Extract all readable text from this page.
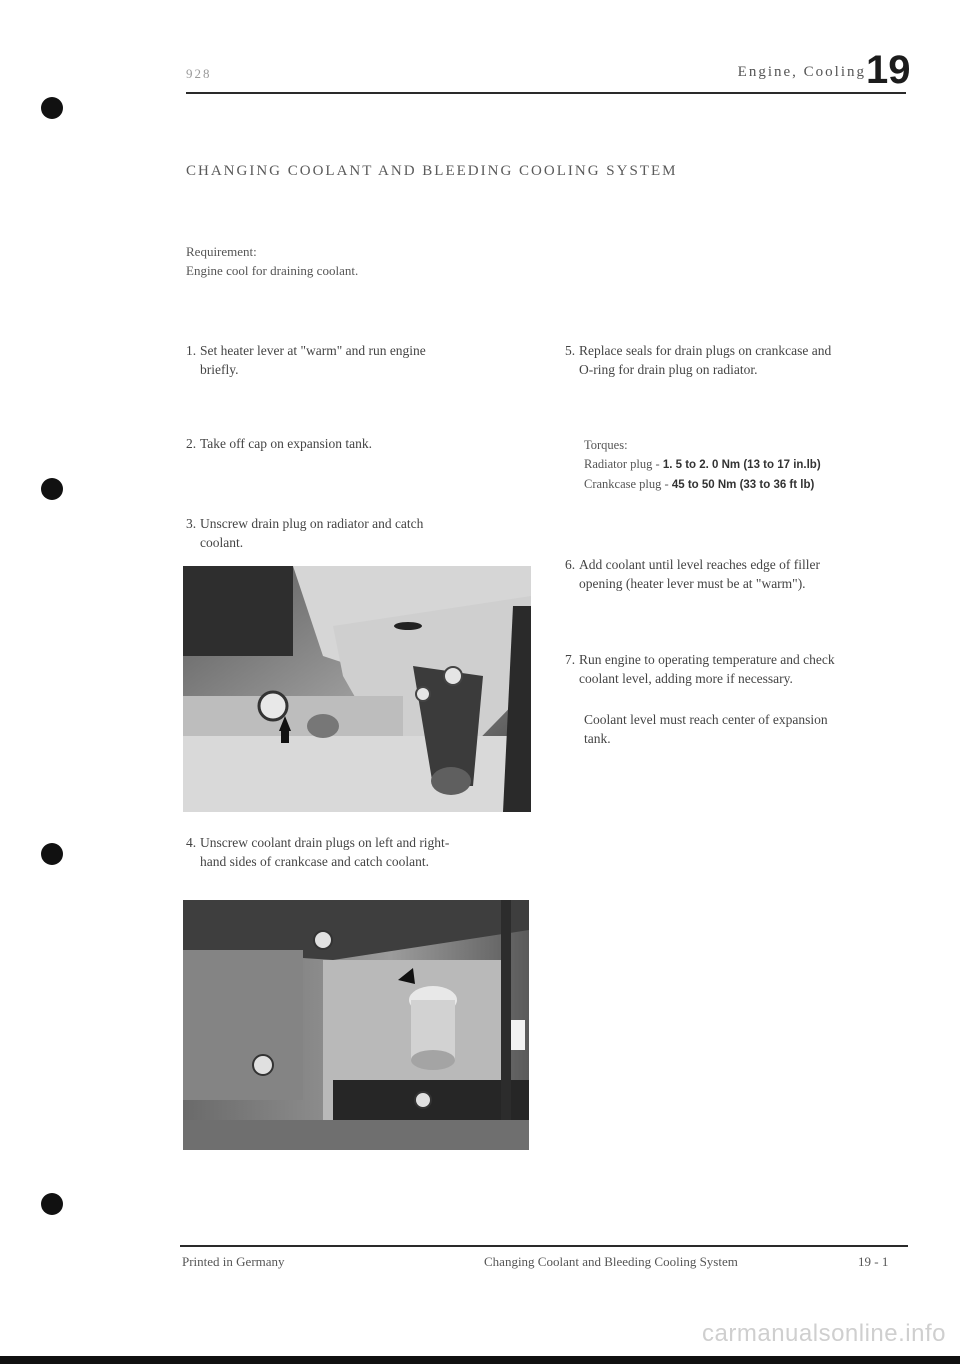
928	Engine, Cooling 19
CHANGING COOLANT AND BLEEDING COOLING SYSTEM
Requirement:
Engine cool for draining coolant.
1. Set heater lever at "warm" and run engine
briefly.
2. Take off cap on expansion tank.
3. Unscrew drain plug on radiator and catch
coolant.
4. Unscrew coolant drain plugs on left and right-
hand sides of crankcase and catch coolant.
5. Replace seals for drain plugs on crankcase and
O-ring for drain plug on radiator.
Torques:
Radiator plug - 1. 5 to 2. 0 Nm (13 to 17 in.lb)
Crankcase plug - 45 to 50 Nm (33 to 36 ft lb)
6. Add coolant until level reaches edge of filler
opening (heater lever must be at "warm").
7. Run engine to operating temperature and check
coolant level, adding more if necessary.
Coolant level must reach center of expansion
tank.
Printed in Germany	Changing Coolant and Bleeding Cooling System	19 - 1
carmanualsonline.info
